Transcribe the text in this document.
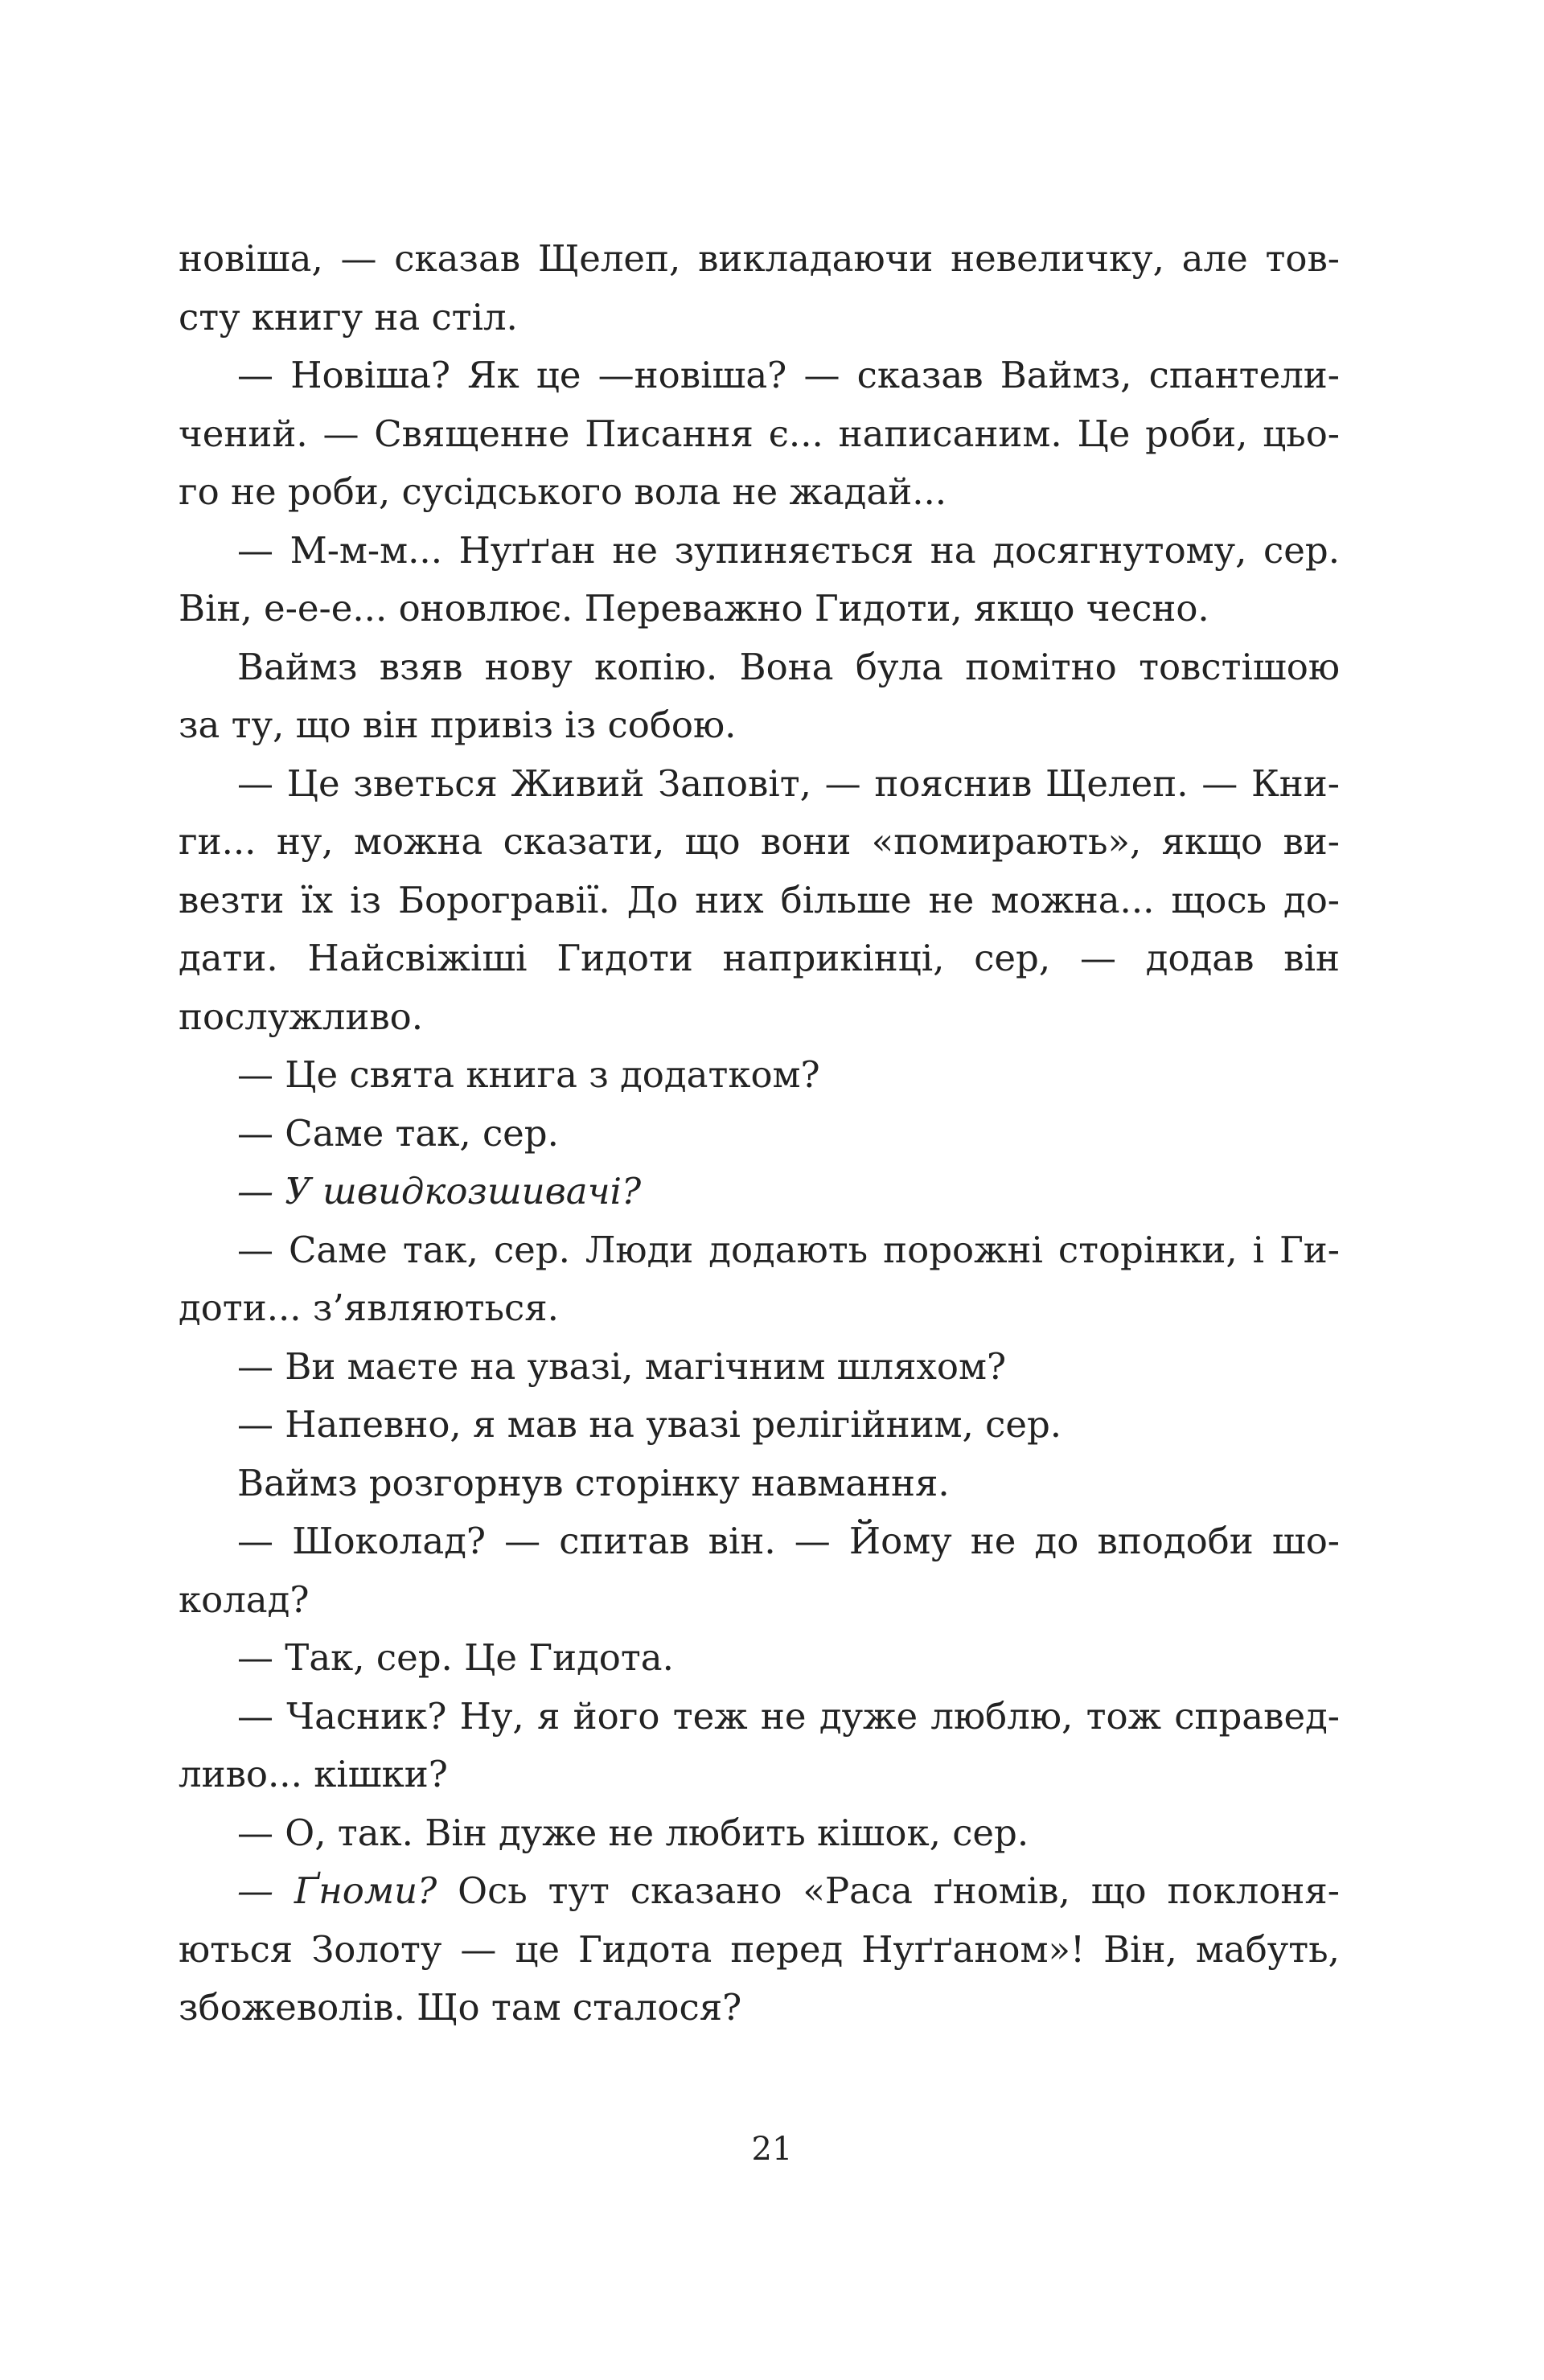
новіша, — сказав Щелеп, викладаючи невеличку, але тов-
сту книгу на стіл.
— Новіша? Як це —новіша? — сказав Ваймз, спантели-
чений. — Священне Писання є... написаним. Це роби, цьо-
го не роби, сусідського вола не жадай...
— М-м-м... Нуґґан не зупиняється на досягнутому, сер.
Він, е-е-е... оновлює. Переважно Гидоти, якщо чесно.
Ваймз взяв нову копію. Вона була помітно товстішою
за ту, що він привіз із собою.
— Це зветься Живий Заповіт, — пояснив Щелеп. — Кни-
ги... ну, можна сказати, що вони «помирають», якщо ви-
везти їх із Борогравії. До них більше не можна... щось до-
дати. Найсвіжіші Гидоти наприкінці, сер, — додав він
послужливо.
— Це свята книга з додатком?
— Саме так, сер.
— У швидкозшивачі?
— Саме так, сер. Люди додають порожні сторінки, і Ги-
доти... з’являються.
— Ви маєте на увазі, магічним шляхом?
— Напевно, я мав на увазі релігійним, сер.
Ваймз розгорнув сторінку навмання.
— Шоколад? — спитав він. — Йому не до вподоби шо-
колад?
— Так, сер. Це Гидота.
— Часник? Ну, я його теж не дуже люблю, тож справед-
ливо... кішки?
— О, так. Він дуже не любить кішок, сер.
— Ґноми? Ось тут сказано «Раса ґномів, що поклоня-
ються Золоту — це Гидота перед Нуґґаном»! Він, мабуть,
збожеволів. Що там сталося?
21
